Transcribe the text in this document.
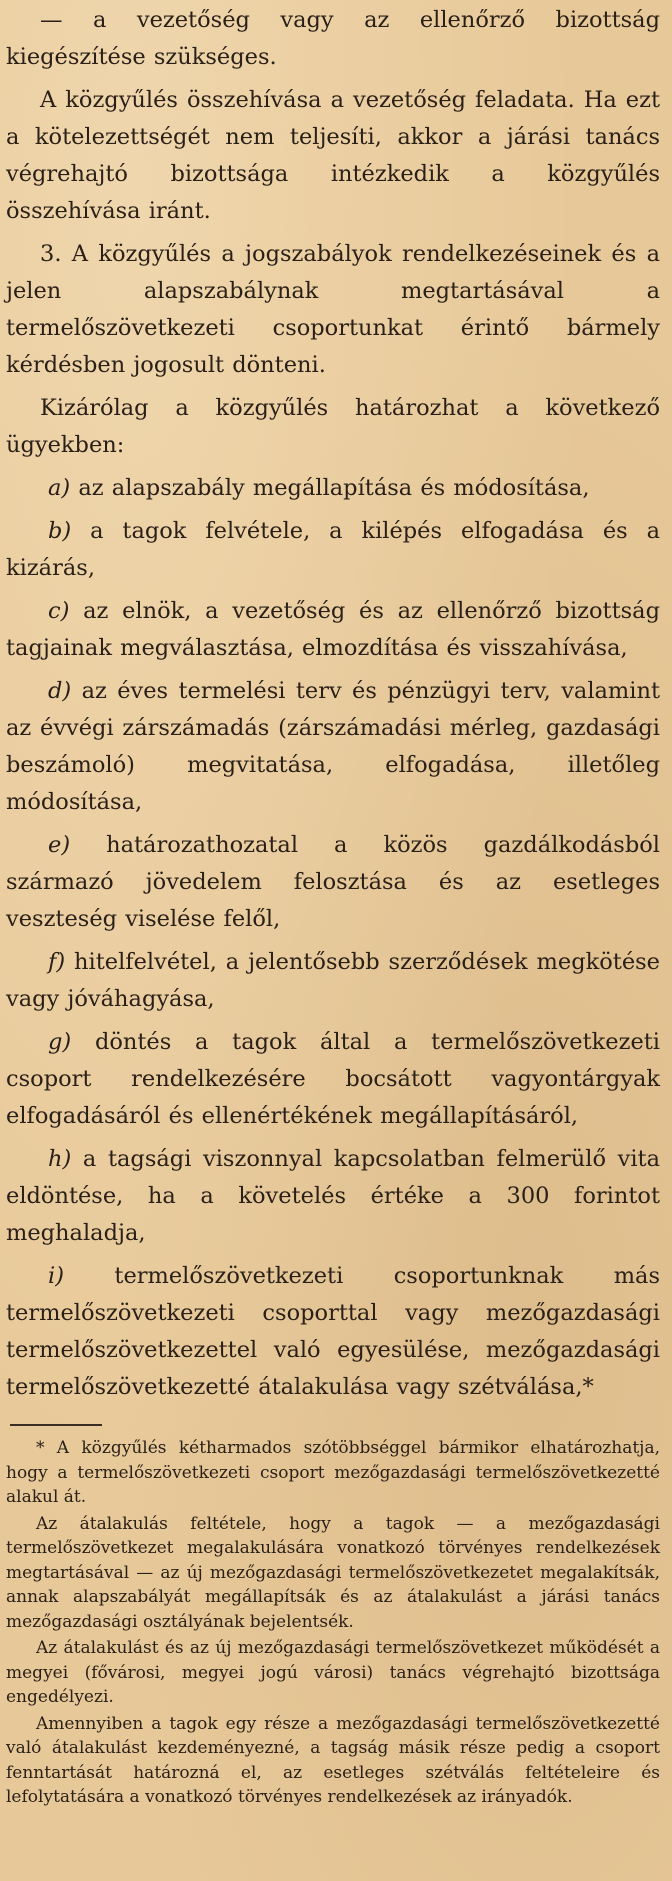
— a vezetőség vagy az ellenőrző bizottság kiegészítése szükséges.

A közgyűlés összehívása a vezetőség feladata. Ha ezt a kötelezettségét nem teljesíti, akkor a járási tanács végrehajtó bizottsága intézkedik a közgyűlés összehívása iránt.

3. A közgyűlés a jogszabályok rendelkezéseinek és a jelen alapszabálynak megtartásával a termelőszövetkezeti csoportunkat érintő bármely kérdésben jogosult dönteni.

Kizárólag a közgyűlés határozhat a következő ügyekben:

a) az alapszabály megállapítása és módosítása,

b) a tagok felvétele, a kilépés elfogadása és a kizárás,

c) az elnök, a vezetőség és az ellenőrző bizottság tagjainak megválasztása, elmozdítása és visszahívása,

d) az éves termelési terv és pénzügyi terv, valamint az évvégi zárszámadás (zárszámadási mérleg, gazdasági beszámoló) megvitatása, elfogadása, illetőleg módosítása,

e) határozathozatal a közös gazdálkodásból származó jövedelem felosztása és az esetleges veszteség viselése felől,

f) hitelfelvétel, a jelentősebb szerződések megkötése vagy jóváhagyása,

g) döntés a tagok által a termelőszövetkezeti csoport rendelkezésére bocsátott vagyontárgyak elfogadásáról és ellenértékének megállapításáról,

h) a tagsági viszonnyal kapcsolatban felmerülő vita eldöntése, ha a követelés értéke a 300 forintot meghaladja,

i) termelőszövetkezeti csoportunknak más termelőszövetkezeti csoporttal vagy mezőgazdasági termelőszövetkezettel való egyesülése, mezőgazdasági termelőszövetkezetté átalakulása vagy szétválása,*

* A közgyűlés kétharmados szótöbbséggel bármikor elhatározhatja, hogy a termelőszövetkezeti csoport mezőgazdasági termelőszövetkezetté alakul át.

Az átalakulás feltétele, hogy a tagok — a mezőgazdasági termelőszövetkezet megalakulására vonatkozó törvényes rendelkezések megtartásával — az új mezőgazdasági termelőszövetkezetet megalakítsák, annak alapszabályát megállapítsák és az átalakulást a járási tanács mezőgazdasági osztályának bejelentsék.

Az átalakulást és az új mezőgazdasági termelőszövetkezet működését a megyei (fővárosi, megyei jogú városi) tanács végrehajtó bizottsága engedélyezi.

Amennyiben a tagok egy része a mezőgazdasági termelőszövetkezetté való átalakulást kezdeményezné, a tagság másik része pedig a csoport fenntartását határozná el, az esetleges szétválás feltételeire és lefolytatására a vonatkozó törvényes rendelkezések az irányadók.
